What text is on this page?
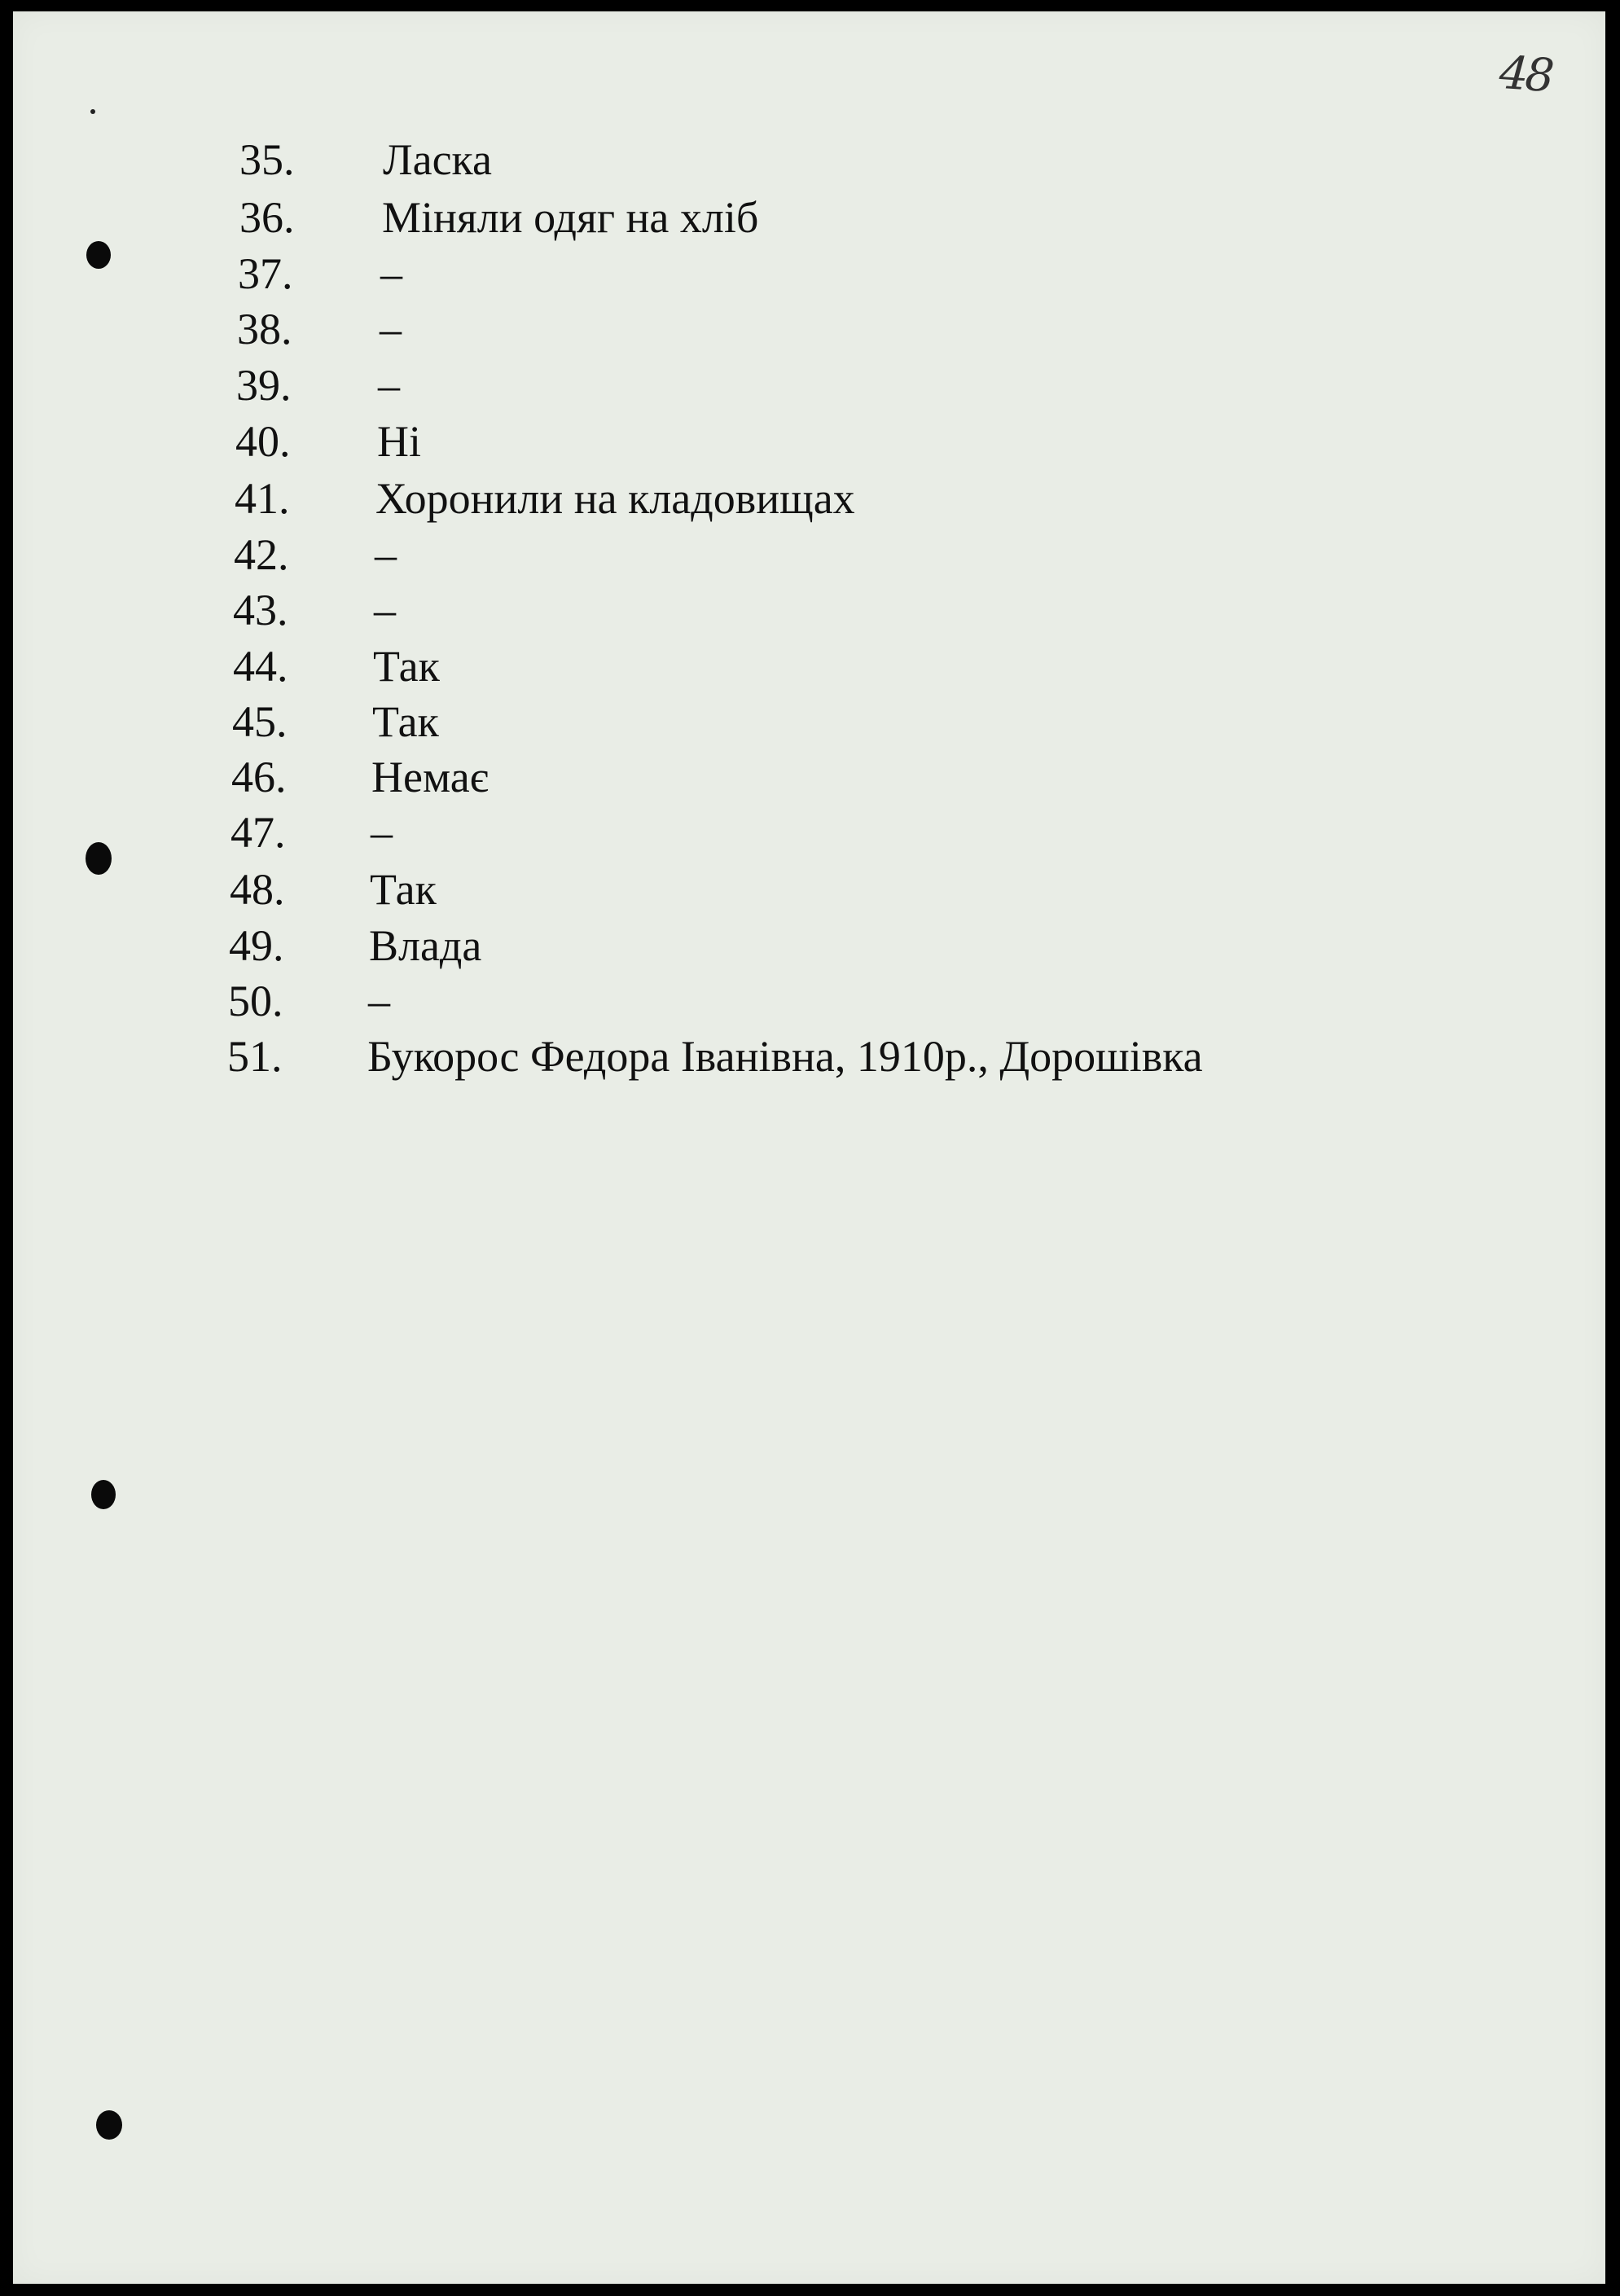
48
35.	Ласка
36.	Міняли одяг на хліб
37.	–
38.	–
39.	–
40.	Ні
41.	Хоронили на кладовищах
42.	–
43.	–
44.	Так
45.	Так
46.	Немає
47.	–
48.	Так
49.	Влада
50.	–
51.	Букорос Федора Іванівна, 1910р., Дорошівка
